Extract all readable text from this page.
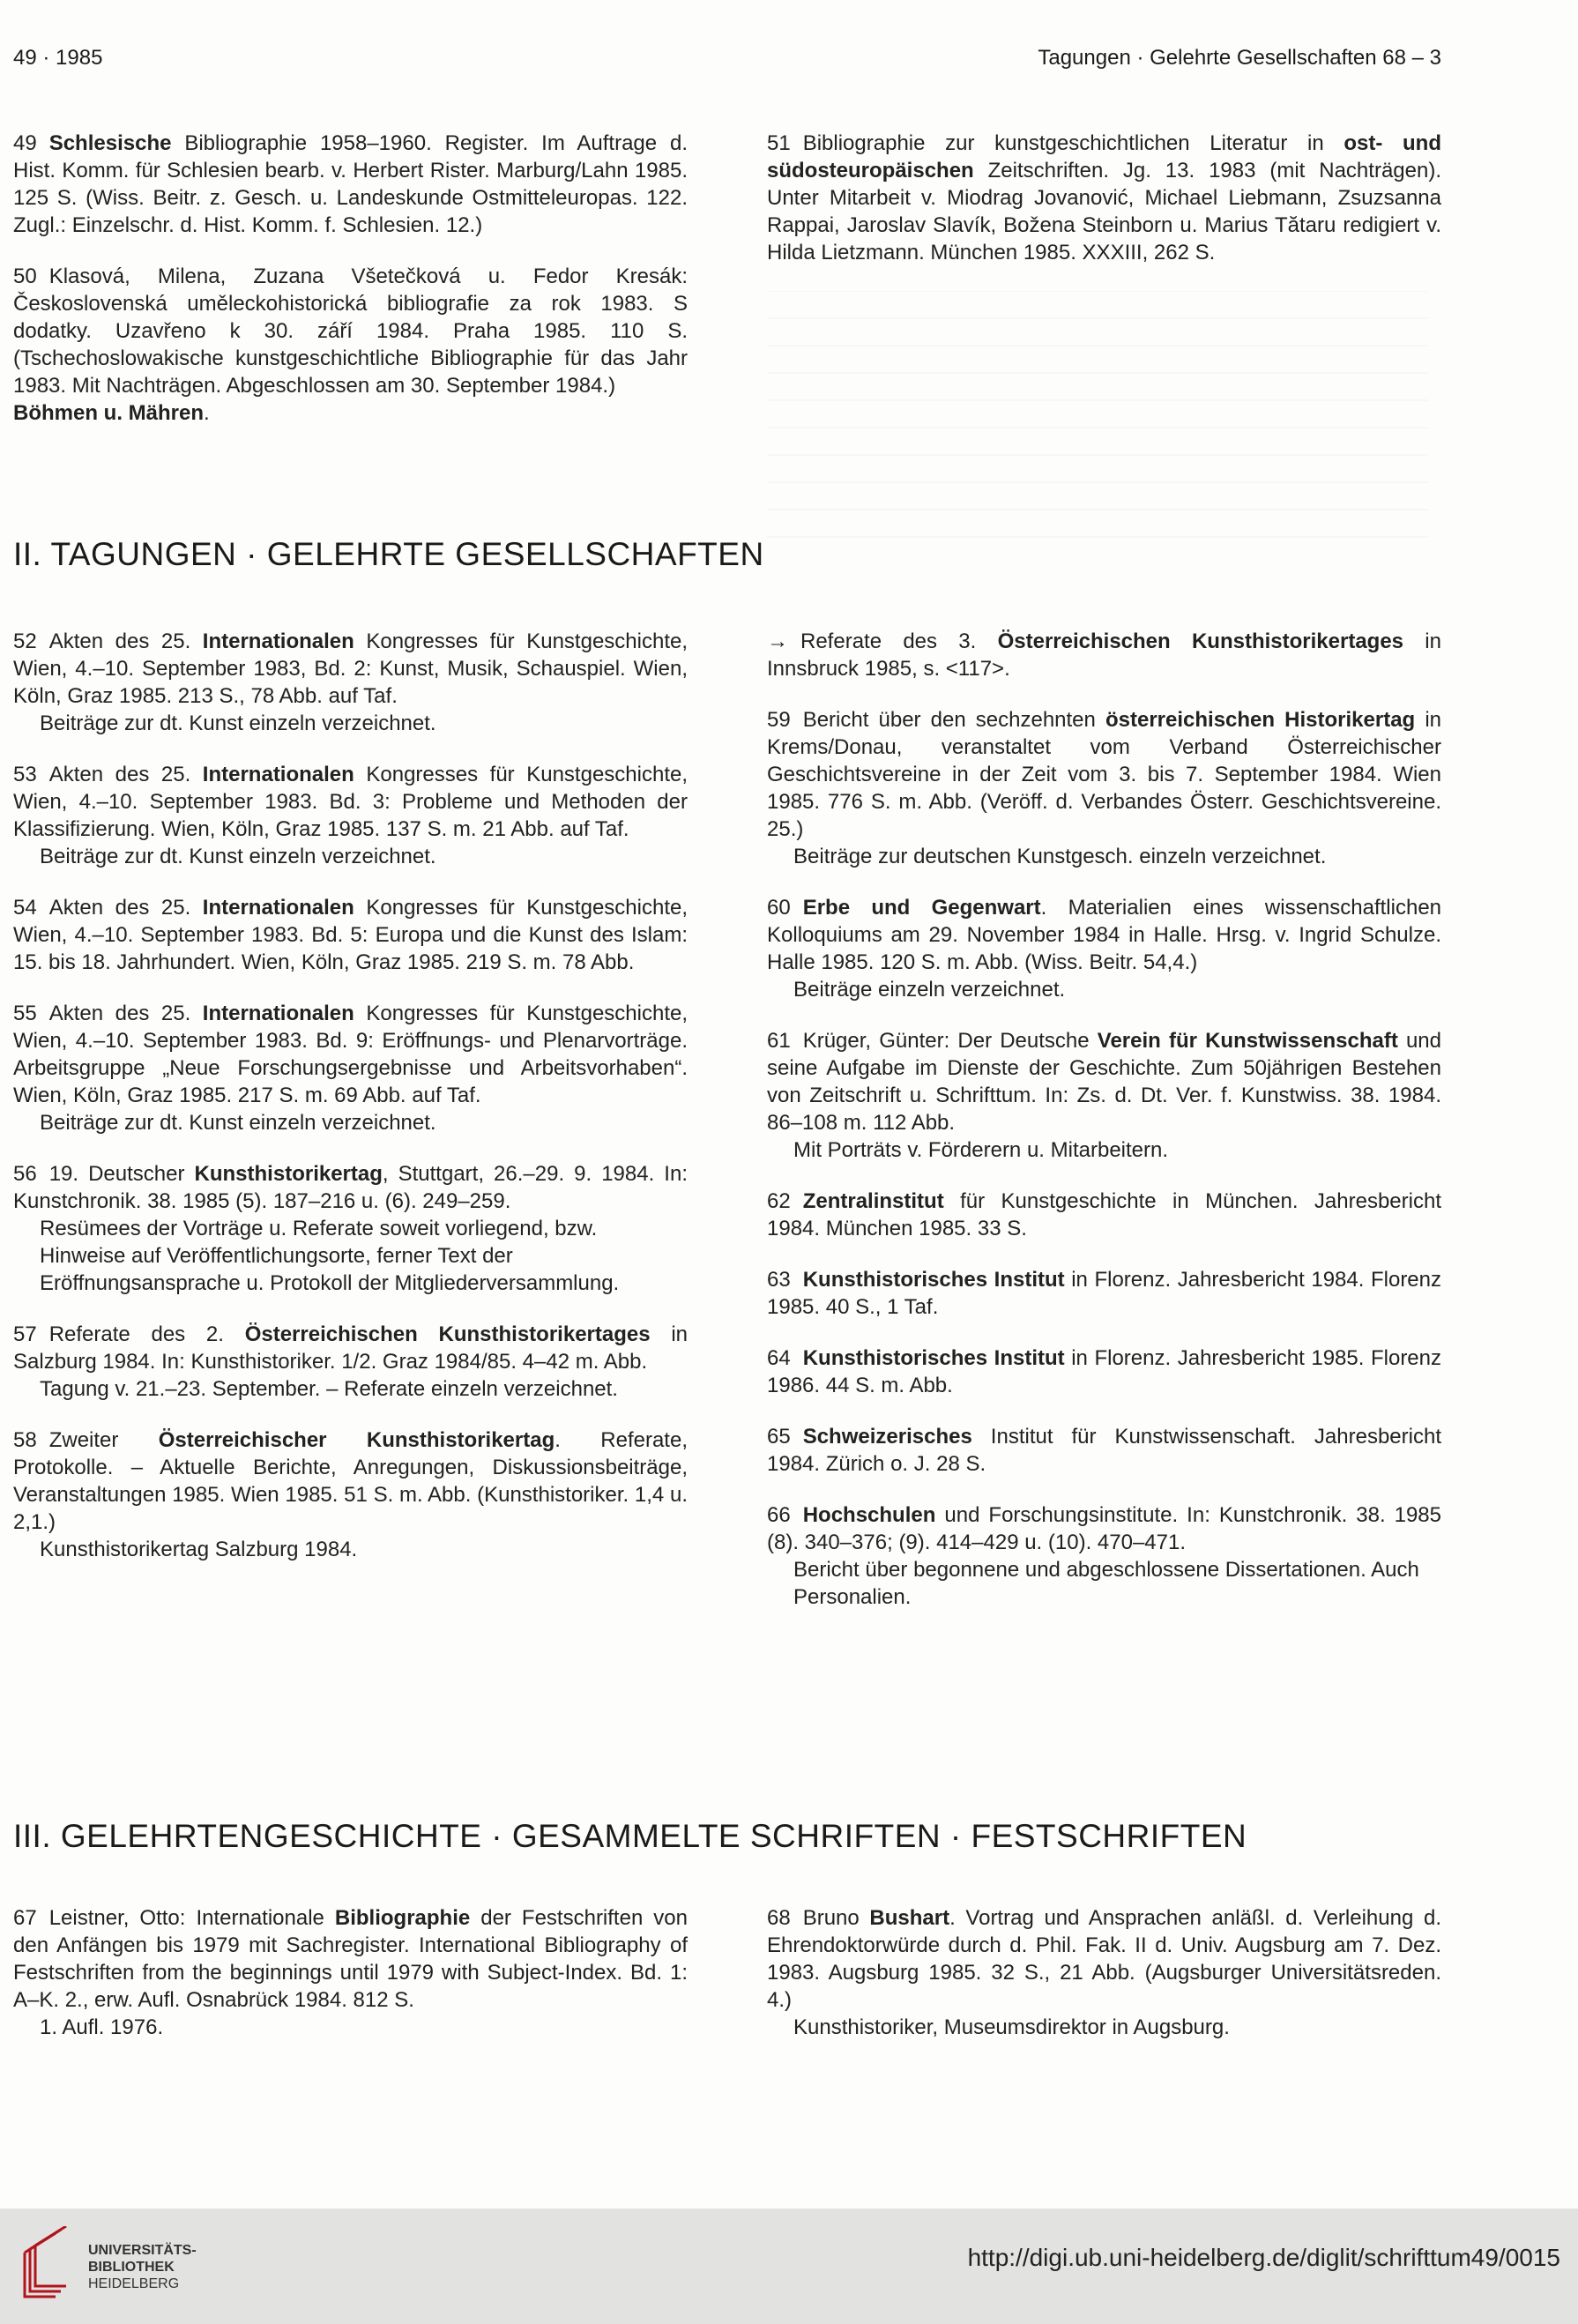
49 · 1985	Tagungen · Gelehrte Gesellschaften 68 – 3

49 Schlesische Bibliographie 1958–1960. Register. Im Auftrage d. Hist. Komm. für Schlesien bearb. v. Herbert Rister. Marburg/Lahn 1985. 125 S. (Wiss. Beitr. z. Gesch. u. Landeskunde Ostmitteleuropas. 122. Zugl.: Einzelschr. d. Hist. Komm. f. Schlesien. 12.)

50 Klasová, Milena, Zuzana Všetečková u. Fedor Kresák: Československá uměleckohistorická bibliografie za rok 1983. S dodatky. Uzavřeno k 30. září 1984. Praha 1985. 110 S. (Tschechoslowakische kunstgeschichtliche Bibliographie für das Jahr 1983. Mit Nachträgen. Abgeschlossen am 30. September 1984.)
Böhmen u. Mähren.

51 Bibliographie zur kunstgeschichtlichen Literatur in ost- und südosteuropäischen Zeitschriften. Jg. 13. 1983 (mit Nachträgen). Unter Mitarbeit v. Miodrag Jovanović, Michael Liebmann, Zsuzsanna Rappai, Jaroslav Slavík, Božena Steinborn u. Marius Tătaru redigiert v. Hilda Lietzmann. München 1985. XXXIII, 262 S.

II. TAGUNGEN · GELEHRTE GESELLSCHAFTEN

52 Akten des 25. Internationalen Kongresses für Kunstgeschichte, Wien, 4.–10. September 1983, Bd. 2: Kunst, Musik, Schauspiel. Wien, Köln, Graz 1985. 213 S., 78 Abb. auf Taf.
Beiträge zur dt. Kunst einzeln verzeichnet.

53 Akten des 25. Internationalen Kongresses für Kunstgeschichte, Wien, 4.–10. September 1983. Bd. 3: Probleme und Methoden der Klassifizierung. Wien, Köln, Graz 1985. 137 S. m. 21 Abb. auf Taf.
Beiträge zur dt. Kunst einzeln verzeichnet.

54 Akten des 25. Internationalen Kongresses für Kunstgeschichte, Wien, 4.–10. September 1983. Bd. 5: Europa und die Kunst des Islam: 15. bis 18. Jahrhundert. Wien, Köln, Graz 1985. 219 S. m. 78 Abb.

55 Akten des 25. Internationalen Kongresses für Kunstgeschichte, Wien, 4.–10. September 1983. Bd. 9: Eröffnungs- und Plenarvorträge. Arbeitsgruppe „Neue Forschungsergebnisse und Arbeitsvorhaben“. Wien, Köln, Graz 1985. 217 S. m. 69 Abb. auf Taf.
Beiträge zur dt. Kunst einzeln verzeichnet.

56 19. Deutscher Kunsthistorikertag, Stuttgart, 26.–29. 9. 1984. In: Kunstchronik. 38. 1985 (5). 187–216 u. (6). 249–259.
Resümees der Vorträge u. Referate soweit vorliegend, bzw. Hinweise auf Veröffentlichungsorte, ferner Text der Eröffnungsansprache u. Protokoll der Mitgliederversammlung.

57 Referate des 2. Österreichischen Kunsthistorikertages in Salzburg 1984. In: Kunsthistoriker. 1/2. Graz 1984/85. 4–42 m. Abb.
Tagung v. 21.–23. September. – Referate einzeln verzeichnet.

58 Zweiter Österreichischer Kunsthistorikertag. Referate, Protokolle. – Aktuelle Berichte, Anregungen, Diskussionsbeiträge, Veranstaltungen 1985. Wien 1985. 51 S. m. Abb. (Kunsthistoriker. 1,4 u. 2,1.)
Kunsthistorikertag Salzburg 1984.

→ Referate des 3. Österreichischen Kunsthistorikertages in Innsbruck 1985, s. <117>.

59 Bericht über den sechzehnten österreichischen Historikertag in Krems/Donau, veranstaltet vom Verband Österreichischer Geschichtsvereine in der Zeit vom 3. bis 7. September 1984. Wien 1985. 776 S. m. Abb. (Veröff. d. Verbandes Österr. Geschichtsvereine. 25.)
Beiträge zur deutschen Kunstgesch. einzeln verzeichnet.

60 Erbe und Gegenwart. Materialien eines wissenschaftlichen Kolloquiums am 29. November 1984 in Halle. Hrsg. v. Ingrid Schulze. Halle 1985. 120 S. m. Abb. (Wiss. Beitr. 54,4.)
Beiträge einzeln verzeichnet.

61 Krüger, Günter: Der Deutsche Verein für Kunstwissenschaft und seine Aufgabe im Dienste der Geschichte. Zum 50jährigen Bestehen von Zeitschrift u. Schrifttum. In: Zs. d. Dt. Ver. f. Kunstwiss. 38. 1984. 86–108 m. 112 Abb.
Mit Porträts v. Förderern u. Mitarbeitern.

62 Zentralinstitut für Kunstgeschichte in München. Jahresbericht 1984. München 1985. 33 S.

63 Kunsthistorisches Institut in Florenz. Jahresbericht 1984. Florenz 1985. 40 S., 1 Taf.

64 Kunsthistorisches Institut in Florenz. Jahresbericht 1985. Florenz 1986. 44 S. m. Abb.

65 Schweizerisches Institut für Kunstwissenschaft. Jahresbericht 1984. Zürich o. J. 28 S.

66 Hochschulen und Forschungsinstitute. In: Kunstchronik. 38. 1985 (8). 340–376; (9). 414–429 u. (10). 470–471.
Bericht über begonnene und abgeschlossene Dissertationen. Auch Personalien.

III. GELEHRTENGESCHICHTE · GESAMMELTE SCHRIFTEN · FESTSCHRIFTEN

67 Leistner, Otto: Internationale Bibliographie der Festschriften von den Anfängen bis 1979 mit Sachregister. International Bibliography of Festschriften from the beginnings until 1979 with Subject-Index. Bd. 1: A–K. 2., erw. Aufl. Osnabrück 1984. 812 S.
1. Aufl. 1976.

68 Bruno Bushart. Vortrag und Ansprachen anläßl. d. Verleihung d. Ehrendoktorwürde durch d. Phil. Fak. II d. Univ. Augsburg am 7. Dez. 1983. Augsburg 1985. 32 S., 21 Abb. (Augsburger Universitätsreden. 4.)
Kunsthistoriker, Museumsdirektor in Augsburg.

UNIVERSITÄTS-
BIBLIOTHEK
HEIDELBERG
http://digi.ub.uni-heidelberg.de/diglit/schrifttum49/0015
